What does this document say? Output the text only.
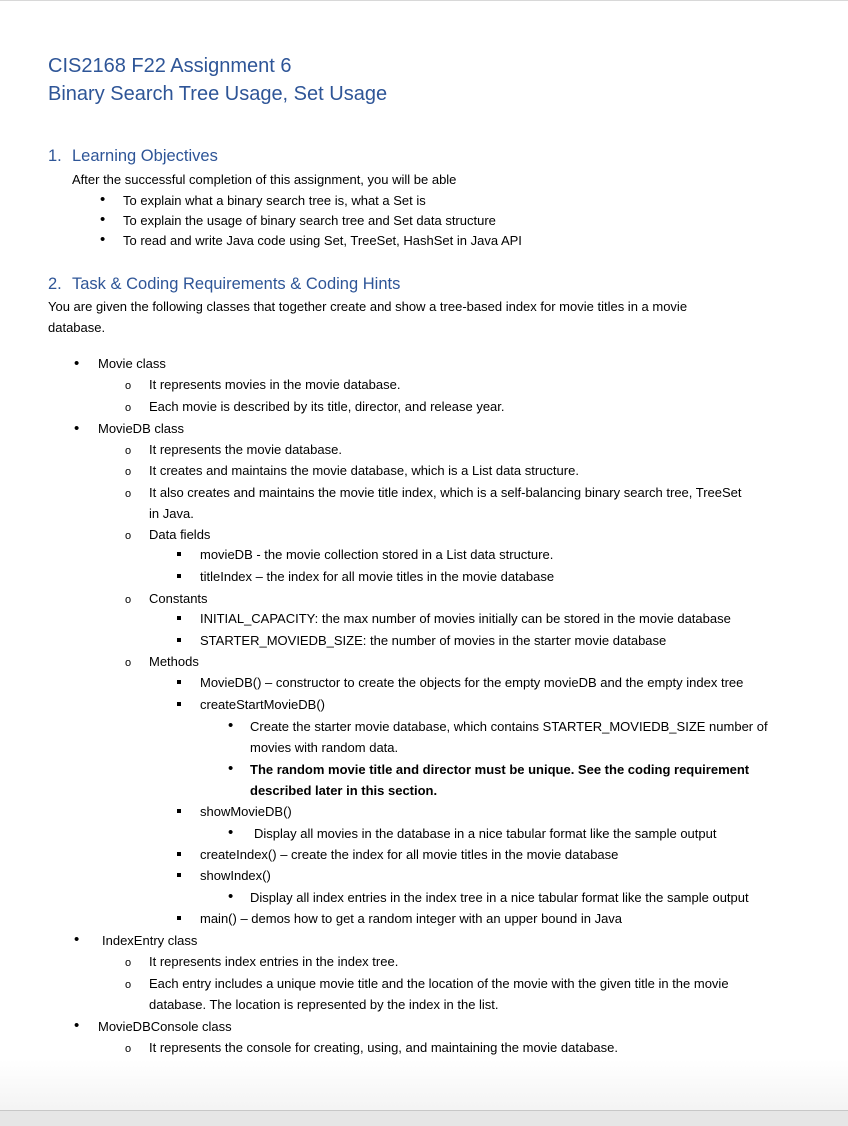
CIS2168 F22 Assignment 6
Binary Search Tree Usage, Set Usage
1. Learning Objectives
After the successful completion of this assignment, you will be able
•
To explain what a binary search tree is, what a Set is
•
To explain the usage of binary search tree and Set data structure
•
To read and write Java code using Set, TreeSet, HashSet in Java API
2. Task & Coding Requirements & Coding Hints
You are given the following classes that together create and show a tree-based index for movie titles in a movie
database.
•
Movie class
o
It represents movies in the movie database.
o
Each movie is described by its title, director, and release year.
•
MovieDB class
o
It represents the movie database.
o
It creates and maintains the movie database, which is a List data structure.
o
It also creates and maintains the movie title index, which is a self-balancing binary search tree, TreeSet
in Java.
o
Data fields
movieDB - the movie collection stored in a List data structure.
titleIndex – the index for all movie titles in the movie database
o
Constants
INITIAL_CAPACITY: the max number of movies initially can be stored in the movie database
STARTER_MOVIEDB_SIZE: the number of movies in the starter movie database
o
Methods
MovieDB() – constructor to create the objects for the empty movieDB and the empty index tree
createStartMovieDB()
•
Create the starter movie database, which contains STARTER_MOVIEDB_SIZE number of
movies with random data.
•
The random movie title and director must be unique. See the coding requirement
described later in this section.
showMovieDB()
•
Display all movies in the database in a nice tabular format like the sample output
createIndex() – create the index for all movie titles in the movie database
showIndex()
•
Display all index entries in the index tree in a nice tabular format like the sample output
main() – demos how to get a random integer with an upper bound in Java
•
IndexEntry class
o
It represents index entries in the index tree.
o
Each entry includes a unique movie title and the location of the movie with the given title in the movie
database. The location is represented by the index in the list.
•
MovieDBConsole class
o
It represents the console for creating, using, and maintaining the movie database.
